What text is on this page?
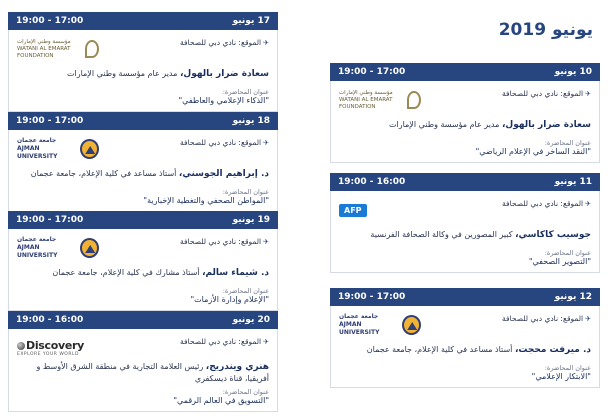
يونيو 2019
17 يونيو
19:00 - 17:00
✈الموقع: نادي دبي للصحافة
مؤسسة وطني الإمارات
WATANI AL EMARAT FOUNDATION
سعادة ضرار بالهول، مدير عام مؤسسة وطني الإمارات
عنوان المحاضرة:
"الذكاء الإعلامي والعاطفي"
18 يونيو
19:00 - 17:00
✈الموقع: نادي دبي للصحافة
جامعة عجمان
AJMAN UNIVERSITY
د. إبراهيم الجوسني، أستاذ مساعد في كلية الإعلام، جامعة عجمان
عنوان المحاضرة:
"المواطن الصحفي والتغطية الإخبارية"
19 يونيو
19:00 - 17:00
✈الموقع: نادي دبي للصحافة
جامعة عجمان
AJMAN UNIVERSITY
د. شيماء سالم، أستاذ مشارك في كلية الإعلام، جامعة عجمان
عنوان المحاضرة:
"الإعلام وإدارة الأزمات"
20 يونيو
19:00 - 16:00
✈الموقع: نادي دبي للصحافة
Discovery
EXPLORE YOUR WORLD
هنري ويندريج، رئيس العلامة التجارية في منطقة الشرق الأوسط و أفريقيا، قناة ديسكفري
عنوان المحاضرة:
"التسويق في العالم الرقمي"
10 يونيو
19:00 - 17:00
✈الموقع: نادي دبي للصحافة
مؤسسة وطني الإمارات
WATANI AL EMARAT FOUNDATION
سعادة ضرار بالهول، مدير عام مؤسسة وطني الإمارات
عنوان المحاضرة:
"النقد الساخر في الإعلام الرياضي"
11 يونيو
19:00 - 16:00
✈الموقع: نادي دبي للصحافة
AFP
جوسيب كاكاسي، كبير المصورين في وكالة الصحافة الفرنسية
عنوان المحاضرة:
"التصوير الصحفي"
12 يونيو
19:00 - 17:00
✈الموقع: نادي دبي للصحافة
جامعة عجمان
AJMAN UNIVERSITY
د. ميرفت محجت، أستاذ مساعد في كلية الإعلام، جامعة عجمان
عنوان المحاضرة:
"الابتكار الإعلامي"
